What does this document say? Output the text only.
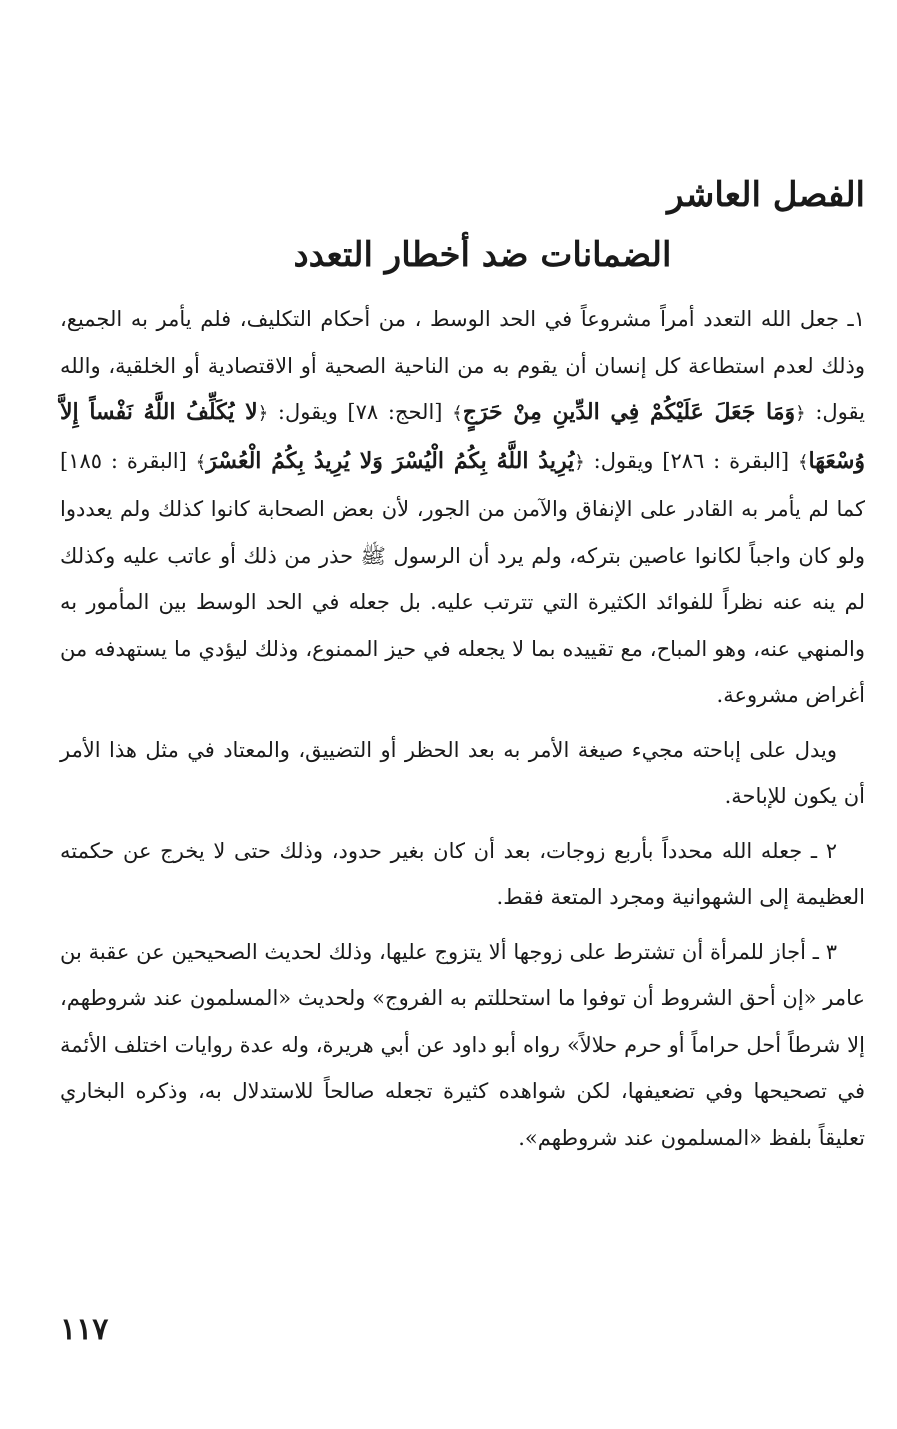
الفصل العاشر
الضمانات ضد أخطار التعدد

١ـ جعل الله التعدد أمراً مشروعاً في الحد الوسط ، من أحكام التكليف، فلم يأمر به الجميع، وذلك لعدم استطاعة كل إنسان أن يقوم به من الناحية الصحية أو الاقتصادية أو الخلقية، والله يقول: ﴿وَمَا جَعَلَ عَلَيْكُمْ فِي الدِّينِ مِنْ حَرَجٍ﴾ [الحج: ٧٨] ويقول: ﴿لا يُكَلِّفُ اللَّهُ نَفْساً إِلاَّ وُسْعَهَا﴾ [البقرة : ٢٨٦] ويقول: ﴿يُرِيدُ اللَّهُ بِكُمُ الْيُسْرَ وَلا يُرِيدُ بِكُمُ الْعُسْرَ﴾ [البقرة : ١٨٥] كما لم يأمر به القادر على الإنفاق والآمن من الجور، لأن بعض الصحابة كانوا كذلك ولم يعددوا ولو كان واجباً لكانوا عاصين بتركه، ولم يرد أن الرسول ﷺ حذر من ذلك أو عاتب عليه وكذلك لم ينه عنه نظراً للفوائد الكثيرة التي تترتب عليه. بل جعله في الحد الوسط بين المأمور به والمنهي عنه، وهو المباح، مع تقييده بما لا يجعله في حيز الممنوع، وذلك ليؤدي ما يستهدفه من أغراض مشروعة.

ويدل على إباحته مجيء صيغة الأمر به بعد الحظر أو التضييق، والمعتاد في مثل هذا الأمر أن يكون للإباحة.

٢ ـ جعله الله محدداً بأربع زوجات، بعد أن كان بغير حدود، وذلك حتى لا يخرج عن حكمته العظيمة إلى الشهوانية ومجرد المتعة فقط.

٣ ـ أجاز للمرأة أن تشترط على زوجها ألا يتزوج عليها، وذلك لحديث الصحيحين عن عقبة بن عامر «إن أحق الشروط أن توفوا ما استحللتم به الفروج» ولحديث «المسلمون عند شروطهم، إلا شرطاً أحل حراماً أو حرم حلالاً» رواه أبو داود عن أبي هريرة، وله عدة روايات اختلف الأئمة في تصحيحها وفي تضعيفها، لكن شواهده كثيرة تجعله صالحاً للاستدلال به، وذكره البخاري تعليقاً بلفظ «المسلمون عند شروطهم».

١١٧
